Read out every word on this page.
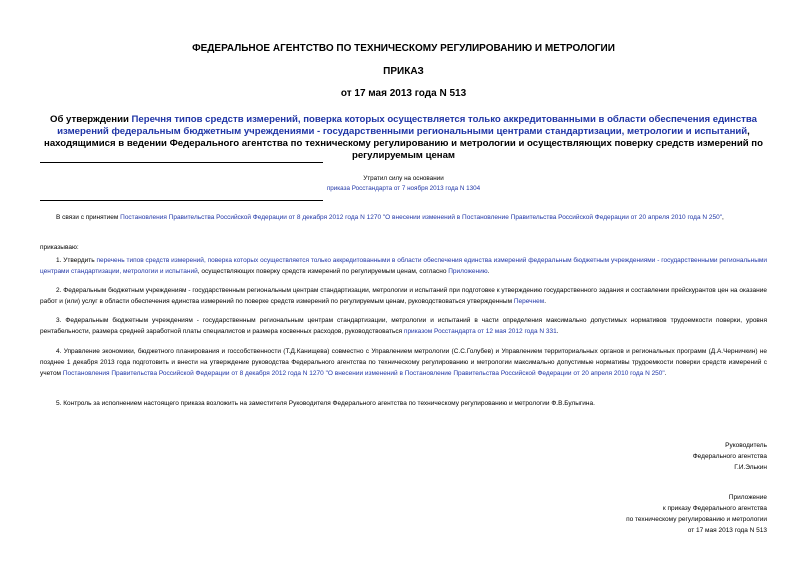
ФЕДЕРАЛЬНОЕ АГЕНТСТВО ПО ТЕХНИЧЕСКОМУ РЕГУЛИРОВАНИЮ И МЕТРОЛОГИИ
ПРИКАЗ
от 17 мая 2013 года N 513
Об утверждении Перечня типов средств измерений, поверка которых осуществляется только аккредитованными в области обеспечения единства измерений федеральным бюджетным учреждениями - государственными региональными центрами стандартизации, метрологии и испытаний, находящимися в ведении Федерального агентства по техническому регулированию и метрологии и осуществляющих поверку средств измерений по регулируемым ценам
Утратил силу на основании
приказа Росстандарта от 7 ноября 2013 года N 1304
В связи с принятием Постановления Правительства Российской Федерации от 8 декабря 2012 года N 1270 "О внесении изменений в Постановление Правительства Российской Федерации от 20 апреля 2010 года N 250",
приказываю:
1. Утвердить перечень типов средств измерений, поверка которых осуществляется только аккредитованными в области обеспечения единства измерений федеральным бюджетным учреждениями - государственными региональными центрами стандартизации, метрологии и испытаний, осуществляющих поверку средств измерений по регулируемым ценам, согласно Приложению.
2. Федеральным бюджетным учреждениям - государственным региональным центрам стандартизации, метрологии и испытаний при подготовке к утверждению государственного задания и составлении прейскурантов цен на оказание работ и (или) услуг в области обеспечения единства измерений по поверке средств измерений по регулируемым ценам, руководствоваться утвержденным Перечнем.
3. Федеральным бюджетным учреждениям - государственным региональным центрам стандартизации, метрологии и испытаний в части определения максимально допустимых нормативов трудоемкости поверки, уровня рентабельности, размера средней заработной платы специалистов и размера косвенных расходов, руководствоваться приказом Росстандарта от 12 мая 2012 года N 331.
4. Управление экономики, бюджетного планирования и госсобственности (Т.Д.Канищева) совместно с Управлением метрологии (С.С.Голубев) и Управлением территориальных органов и региональных программ (Д.А.Черничкин) не позднее 1 декабря 2013 года подготовить и внести на утверждение руководства Федерального агентства по техническому регулированию и метрологии максимально допустимые нормативы трудоемкости поверки средств измерений с учетом Постановления Правительства Российской Федерации от 8 декабря 2012 года N 1270 "О внесении изменений в Постановление Правительства Российской Федерации от 20 апреля 2010 года N 250".
5. Контроль за исполнением настоящего приказа возложить на заместителя Руководителя Федерального агентства по техническому регулированию и метрологии Ф.В.Булыгина.
Руководитель
Федерального агентства
Г.И.Элькин
Приложение
к приказу Федерального агентства
по техническому регулированию и метрологии
от 17 мая 2013 года N 513
